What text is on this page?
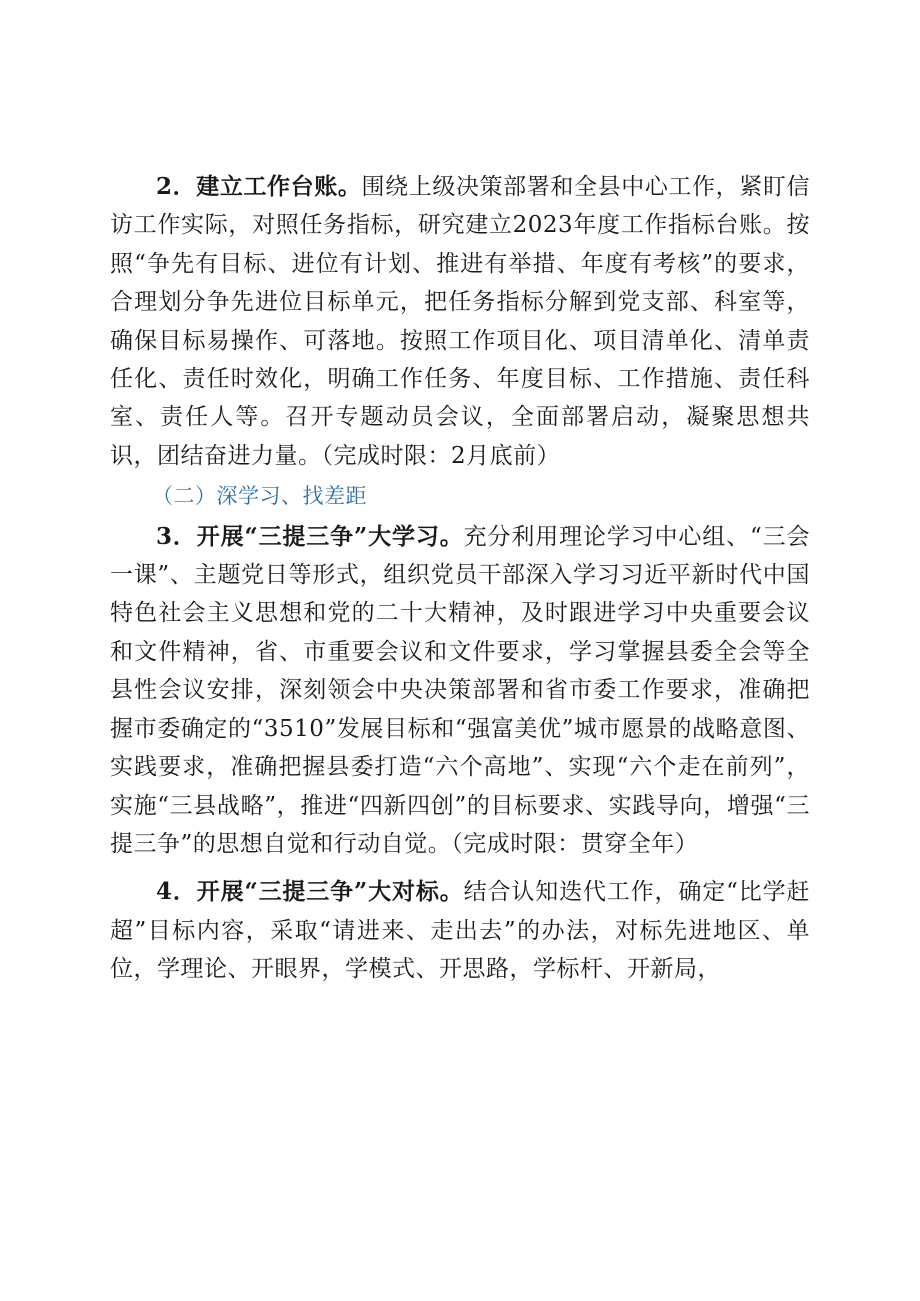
2．建立工作台账。围绕上级决策部署和全县中心工作，紧盯信访工作实际，对照任务指标，研究建立2023年度工作指标台账。按照“争先有目标、进位有计划、推进有举措、年度有考核”的要求，合理划分争先进位目标单元，把任务指标分解到党支部、科室等，确保目标易操作、可落地。按照工作项目化、项目清单化、清单责任化、责任时效化，明确工作任务、年度目标、工作措施、责任科室、责任人等。召开专题动员会议，全面部署启动，凝聚思想共识，团结奋进力量。（完成时限：2月底前）

（二）深学习、找差距

3．开展“三提三争”大学习。充分利用理论学习中心组、“三会一课”、主题党日等形式，组织党员干部深入学习习近平新时代中国特色社会主义思想和党的二十大精神，及时跟进学习中央重要会议和文件精神，省、市重要会议和文件要求，学习掌握县委全会等全县性会议安排，深刻领会中央决策部署和省市委工作要求，准确把握市委确定的“3510”发展目标和“强富美优”城市愿景的战略意图、实践要求，准确把握县委打造“六个高地”、实现“六个走在前列”，实施“三县战略”，推进“四新四创”的目标要求、实践导向，增强“三提三争”的思想自觉和行动自觉。（完成时限：贯穿全年）

4．开展“三提三争”大对标。结合认知迭代工作，确定“比学赶超”目标内容，采取“请进来、走出去”的办法，对标先进地区、单位，学理论、开眼界，学模式、开思路，学标杆、开新局，
